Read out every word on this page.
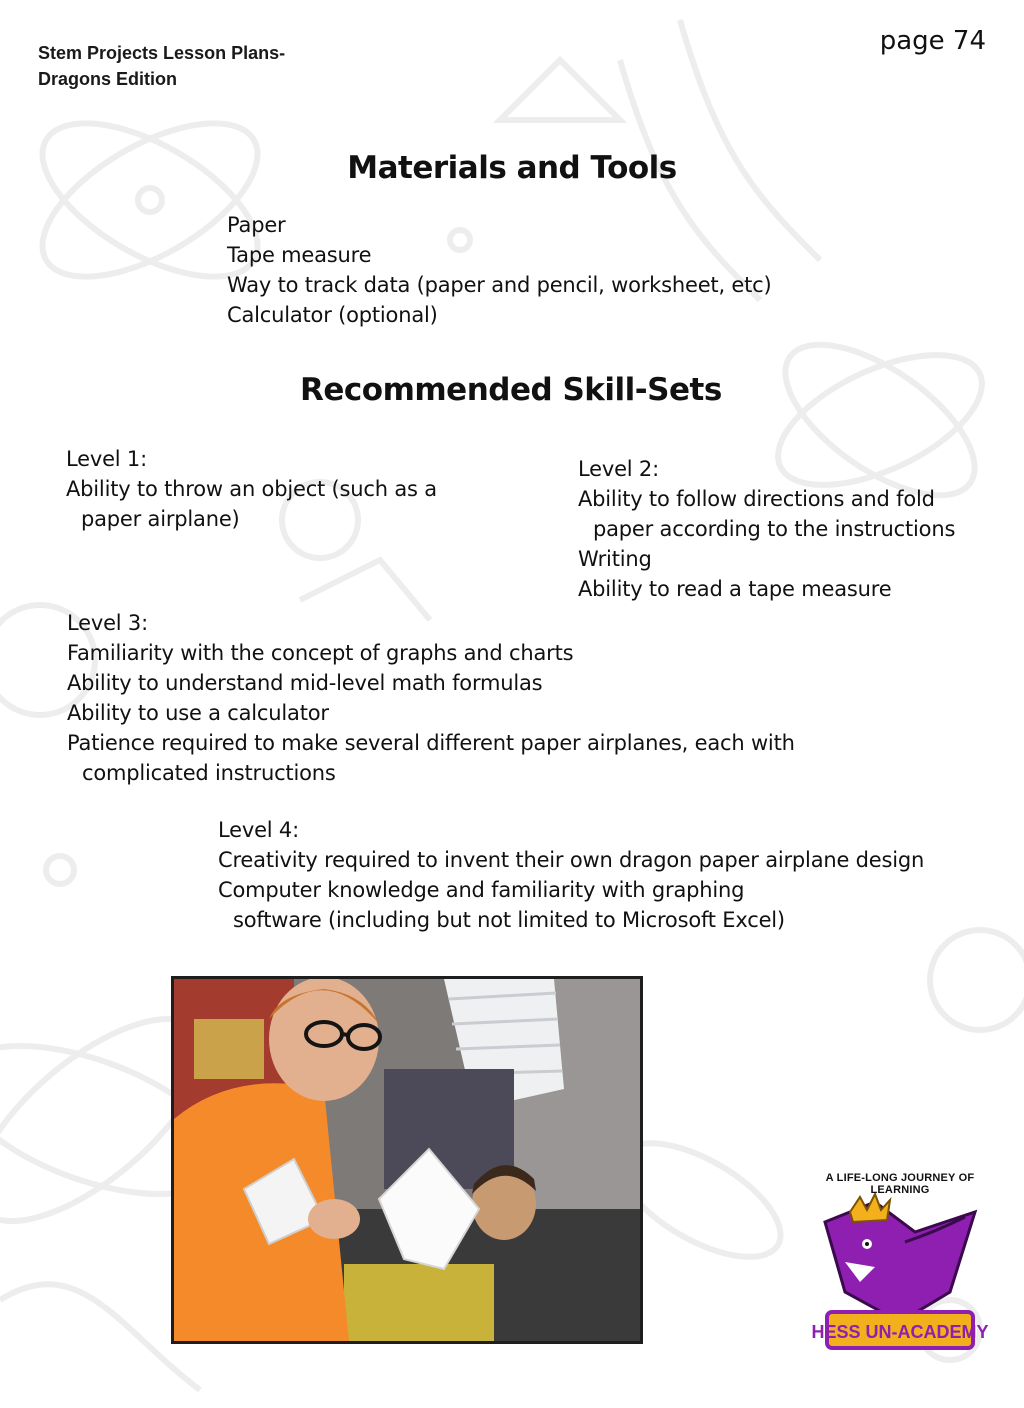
Stem Projects Lesson Plans-
Dragons Edition
page 74
Materials and Tools
Paper
Tape measure
Way to track data (paper and pencil, worksheet, etc)
Calculator (optional)
Recommended Skill-Sets
Level 1:
Ability to throw an object (such as a
paper airplane)
Level 2:
Ability to follow directions and fold
paper according to the instructions
Writing
Ability to read a tape measure
Level 3:
Familiarity with the concept of graphs and charts
Ability to understand mid-level math formulas
Ability to use a calculator
Patience required to make several different paper airplanes, each with
complicated instructions
Level 4:
Creativity required to invent their own dragon paper airplane design
Computer knowledge and familiarity with graphing
software (including but not limited to Microsoft Excel)
A LIFE-LONG JOURNEY OF LEARNING
HESS UN-ACADEMY
